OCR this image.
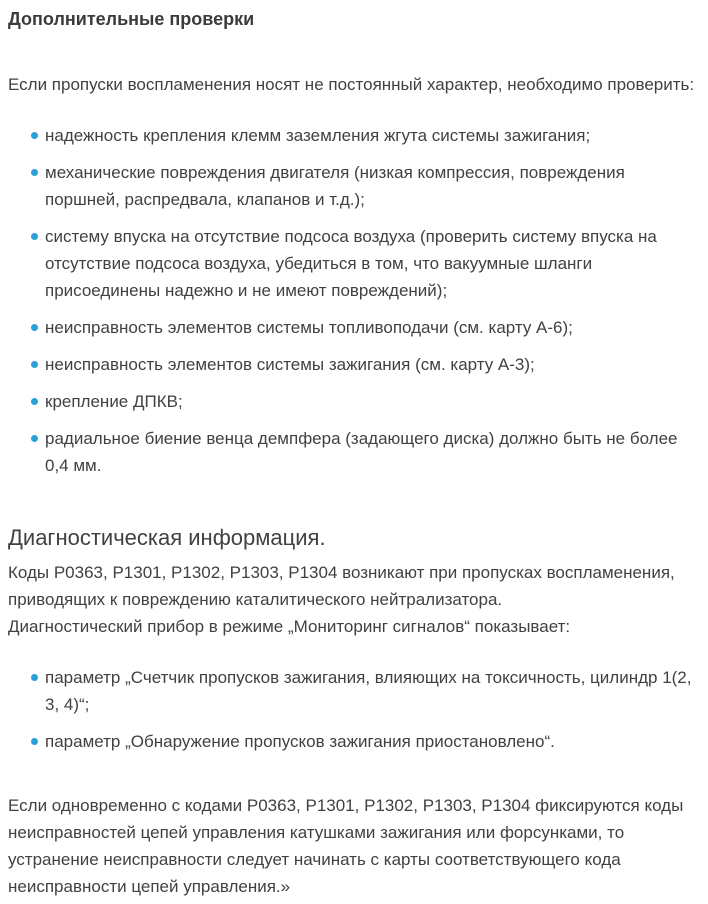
Дополнительные проверки

Если пропуски воспламенения носят не постоянный характер, необходимо проверить:

надежность крепления клемм заземления жгута системы зажигания;
механические повреждения двигателя (низкая компрессия, повреждения поршней, распредвала, клапанов и т.д.);
систему впуска на отсутствие подсоса воздуха (проверить систему впуска на отсутствие подсоса воздуха, убедиться в том, что вакуумные шланги присоединены надежно и не имеют повреждений);
неисправность элементов системы топливоподачи (см. карту А-6);
неисправность элементов системы зажигания (см. карту А-3);
крепление ДПКВ;
радиальное биение венца демпфера (задающего диска) должно быть не более 0,4 мм.
Диагностическая информация.

Коды P0363, P1301, P1302, P1303, P1304 возникают при пропусках воспламенения, приводящих к повреждению каталитического нейтрализатора.
Диагностический прибор в режиме „Мониторинг сигналов“ показывает:

параметр „Счетчик пропусков зажигания, влияющих на токсичность, цилиндр 1(2, 3, 4)“;
параметр „Обнаружение пропусков зажигания приостановлено“.

Если одновременно с кодами P0363, P1301, P1302, P1303, P1304 фиксируются коды неисправностей цепей управления катушками зажигания или форсунками, то устранение неисправности следует начинать с карты соответствующего кода неисправности цепей управления.»
